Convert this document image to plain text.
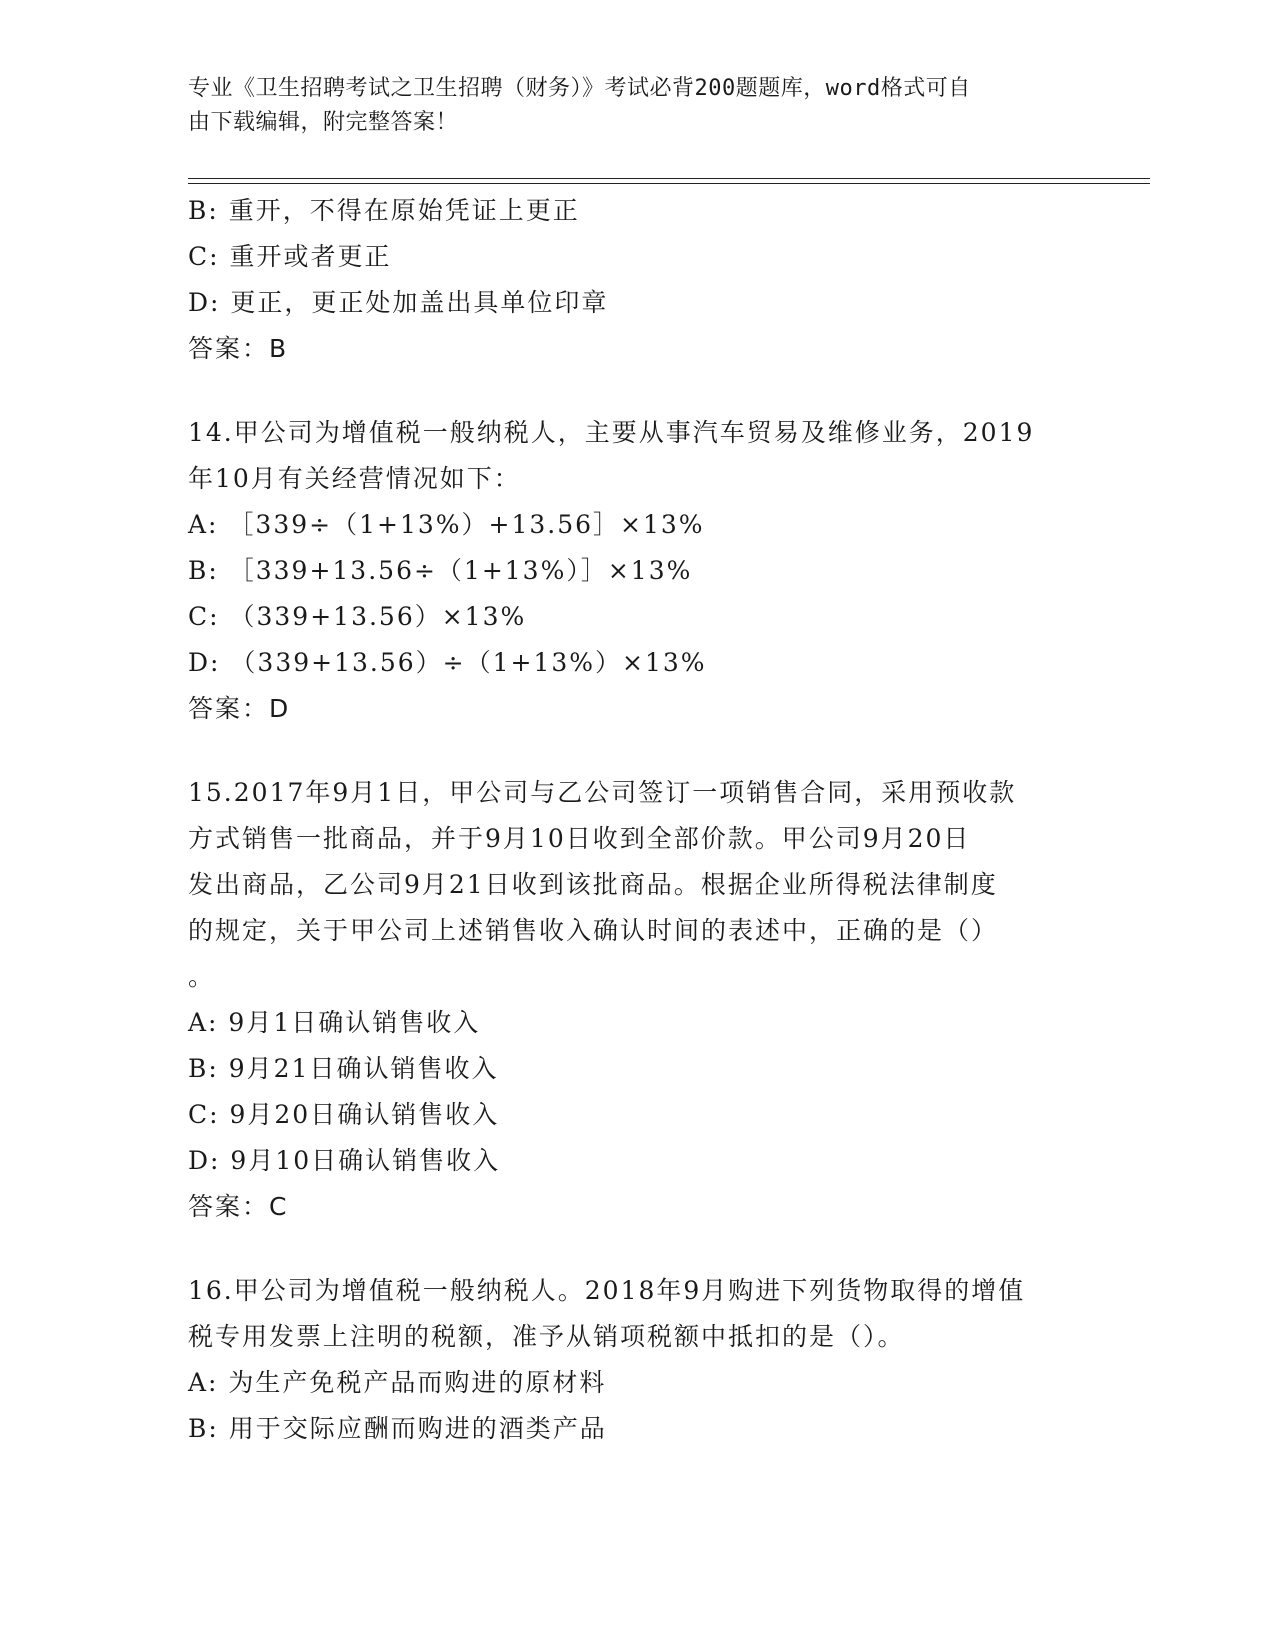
专业《卫生招聘考试之卫生招聘（财务）》考试必背200题题库，word格式可自
由下载编辑，附完整答案！
B: 重开，不得在原始凭证上更正
C: 重开或者更正
D: 更正，更正处加盖出具单位印章
答案：B
14.甲公司为增值税一般纳税人，主要从事汽车贸易及维修业务，2019
年10月有关经营情况如下：
A: ［339÷（1+13%）+13.56］×13%
B: ［339+13.56÷（1+13%）］×13%
C: （339+13.56）×13%
D: （339+13.56）÷（1+13%）×13%
答案：D
15.2017年9月1日，甲公司与乙公司签订一项销售合同，采用预收款
方式销售一批商品，并于9月10日收到全部价款。甲公司9月20日
发出商品，乙公司9月21日收到该批商品。根据企业所得税法律制度
的规定，关于甲公司上述销售收入确认时间的表述中，正确的是（）
。
A: 9月1日确认销售收入
B: 9月21日确认销售收入
C: 9月20日确认销售收入
D: 9月10日确认销售收入
答案：C
16.甲公司为增值税一般纳税人。2018年9月购进下列货物取得的增值
税专用发票上注明的税额，准予从销项税额中抵扣的是（）。
A: 为生产免税产品而购进的原材料
B: 用于交际应酬而购进的酒类产品
